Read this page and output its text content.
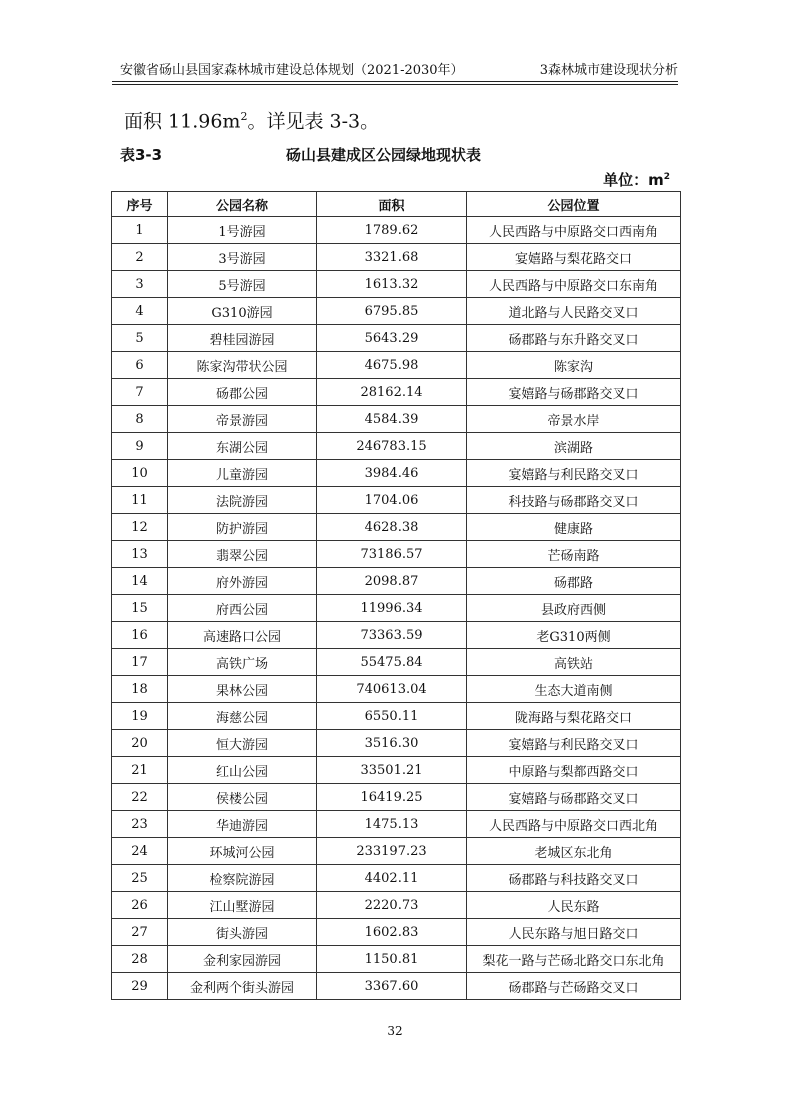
安徽省砀山县国家森林城市建设总体规划（2021-2030年）	3森林城市建设现状分析
面积 $11.96m^2$。详见表 3-3。
表3-3	砀山县建成区公园绿地现状表
单位：$m^2$
序号	公园名称	面积	公园位置
1	1号游园	1789.62	人民西路与中原路交口西南角
2	3号游园	3321.68	宴嬉路与梨花路交口
3	5号游园	1613.32	人民西路与中原路交口东南角
4	G310游园	6795.85	道北路与人民路交叉口
5	碧桂园游园	5643.29	砀郡路与东升路交叉口
6	陈家沟带状公园	4675.98	陈家沟
7	砀郡公园	28162.14	宴嬉路与砀郡路交叉口
8	帝景游园	4584.39	帝景水岸
9	东湖公园	246783.15	滨湖路
10	儿童游园	3984.46	宴嬉路与利民路交叉口
11	法院游园	1704.06	科技路与砀郡路交叉口
12	防护游园	4628.38	健康路
13	翡翠公园	73186.57	芒砀南路
14	府外游园	2098.87	砀郡路
15	府西公园	11996.34	县政府西侧
16	高速路口公园	73363.59	老G310两侧
17	高铁广场	55475.84	高铁站
18	果林公园	740613.04	生态大道南侧
19	海慈公园	6550.11	陇海路与梨花路交口
20	恒大游园	3516.30	宴嬉路与利民路交叉口
21	红山公园	33501.21	中原路与梨都西路交口
22	侯楼公园	16419.25	宴嬉路与砀郡路交叉口
23	华迪游园	1475.13	人民西路与中原路交口西北角
24	环城河公园	233197.23	老城区东北角
25	检察院游园	4402.11	砀郡路与科技路交叉口
26	江山墅游园	2220.73	人民东路
27	街头游园	1602.83	人民东路与旭日路交口
28	金利家园游园	1150.81	梨花一路与芒砀北路交口东北角
29	金利两个街头游园	3367.60	砀郡路与芒砀路交叉口
32
